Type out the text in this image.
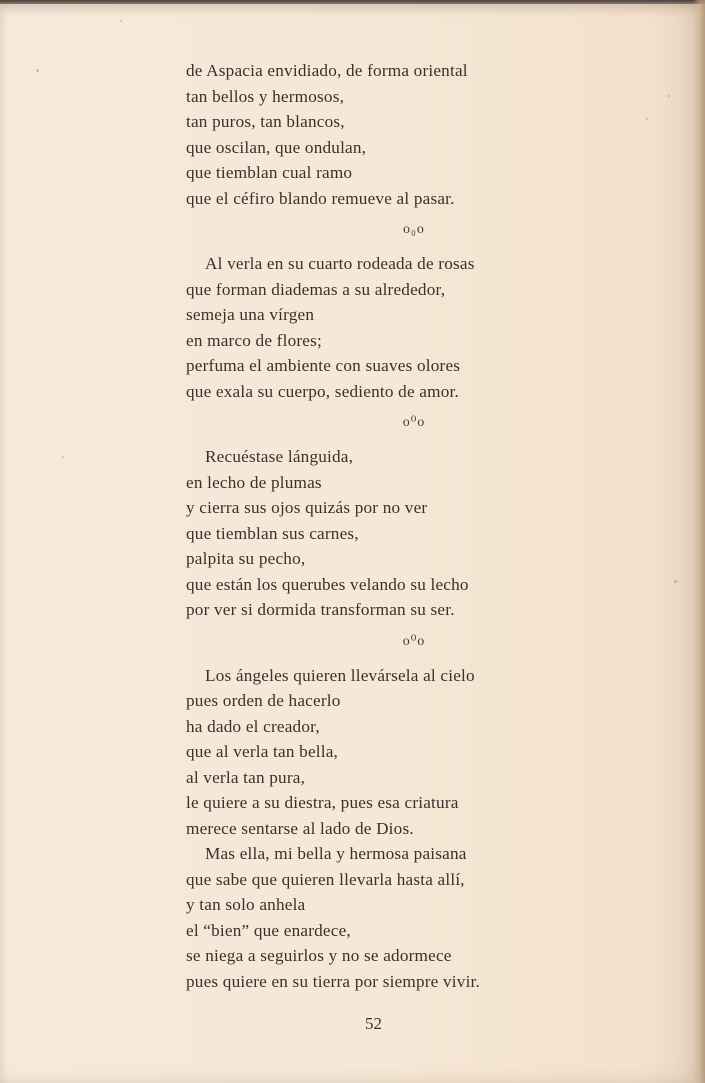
de Aspacia envidiado, de forma oriental
tan bellos y hermosos,
tan puros, tan blancos,
que oscilan, que ondulan,
que tiemblan cual ramo
que el céfiro blando remueve al pasar.
o₀o
Al verla en su cuarto rodeada de rosas
que forman diademas a su alrededor,
semeja una vírgen
en marco de flores;
perfuma el ambiente con suaves olores
que exala su cuerpo, sediento de amor.
o⁰o
Recuéstase lánguida,
en lecho de plumas
y cierra sus ojos quizás por no ver
que tiemblan sus carnes,
palpita su pecho,
que están los querubes velando su lecho
por ver si dormida transforman su ser.
o⁰o
Los ángeles quieren llevársela al cielo
pues orden de hacerlo
ha dado el creador,
que al verla tan bella,
al verla tan pura,
le quiere a su diestra, pues esa criatura
merece sentarse al lado de Dios.
Mas ella, mi bella y hermosa paisana
que sabe que quieren llevarla hasta allí,
y tan solo anhela
el “bien” que enardece,
se niega a seguirlos y no se adormece
pues quiere en su tierra por siempre vivir.
52
